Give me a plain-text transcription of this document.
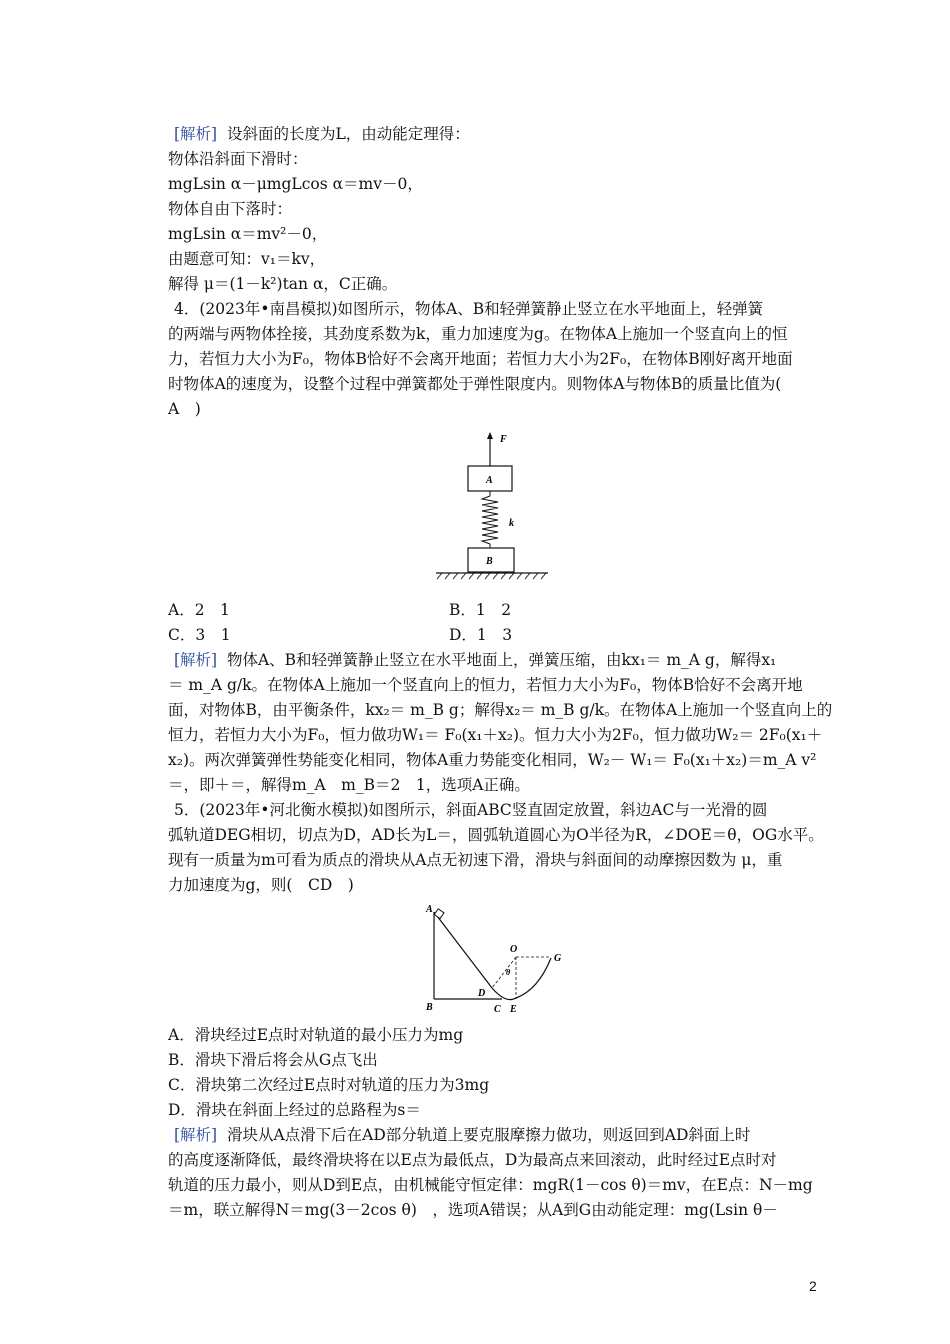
[解析] 设斜面的长度为L，由动能定理得：
物体沿斜面下滑时：
mgLsin α－μmgLcos α＝mv－0，
物体自由下落时：
mgLsin α＝mv²－0，
由题意可知：v₁＝kv，
解得 μ＝(1－k²)tan α，C正确。
4．(2023年•南昌模拟)如图所示，物体A、B和轻弹簧静止竖立在水平地面上，轻弹簧
的两端与两物体拴接，其劲度系数为k，重力加速度为g。在物体A上施加一个竖直向上的恒
力，若恒力大小为F₀，物体B恰好不会离开地面；若恒力大小为2F₀，在物体B刚好离开地面
时物体A的速度为，设整个过程中弹簧都处于弹性限度内。则物体A与物体B的质量比值为(
A　)
F
A
k
B
A．2　1	B．1　2
C．3　1	D．1　3
[解析] 物体A、B和轻弹簧静止竖立在水平地面上，弹簧压缩，由kx₁＝ m_A g，解得x₁
＝ m_A g/k。在物体A上施加一个竖直向上的恒力，若恒力大小为F₀，物体B恰好不会离开地
面，对物体B，由平衡条件，kx₂＝ m_B g；解得x₂＝ m_B g/k。在物体A上施加一个竖直向上的
恒力，若恒力大小为F₀，恒力做功W₁＝ F₀(x₁＋x₂)。恒力大小为2F₀，恒力做功W₂＝ 2F₀(x₁＋
x₂)。两次弹簧弹性势能变化相同，物体A重力势能变化相同，W₂－ W₁＝ F₀(x₁＋x₂)＝m_A v²
＝，即＋＝，解得m_A　m_B＝2　1，选项A正确。
5．(2023年•河北衡水模拟)如图所示，斜面ABC竖直固定放置，斜边AC与一光滑的圆
弧轨道DEG相切，切点为D，AD长为L＝，圆弧轨道圆心为O半径为R，∠DOE＝θ，OG水平。
现有一质量为m可看为质点的滑块从A点无初速下滑，滑块与斜面间的动摩擦因数为 μ，重
力加速度为g，则(　CD　)
A
B	C
D
E
O
G
θ
A．滑块经过E点时对轨道的最小压力为mg
B．滑块下滑后将会从G点飞出
C．滑块第二次经过E点时对轨道的压力为3mg
D．滑块在斜面上经过的总路程为s＝
[解析] 滑块从A点滑下后在AD部分轨道上要克服摩擦力做功，则返回到AD斜面上时
的高度逐渐降低，最终滑块将在以E点为最低点，D为最高点来回滚动，此时经过E点时对
轨道的压力最小，则从D到E点，由机械能守恒定律：mgR(1－cos θ)＝mv，在E点：N－mg
＝m，联立解得N＝mg(3－2cos θ)　，选项A错误；从A到G由动能定理：mg(Lsin θ－
2
